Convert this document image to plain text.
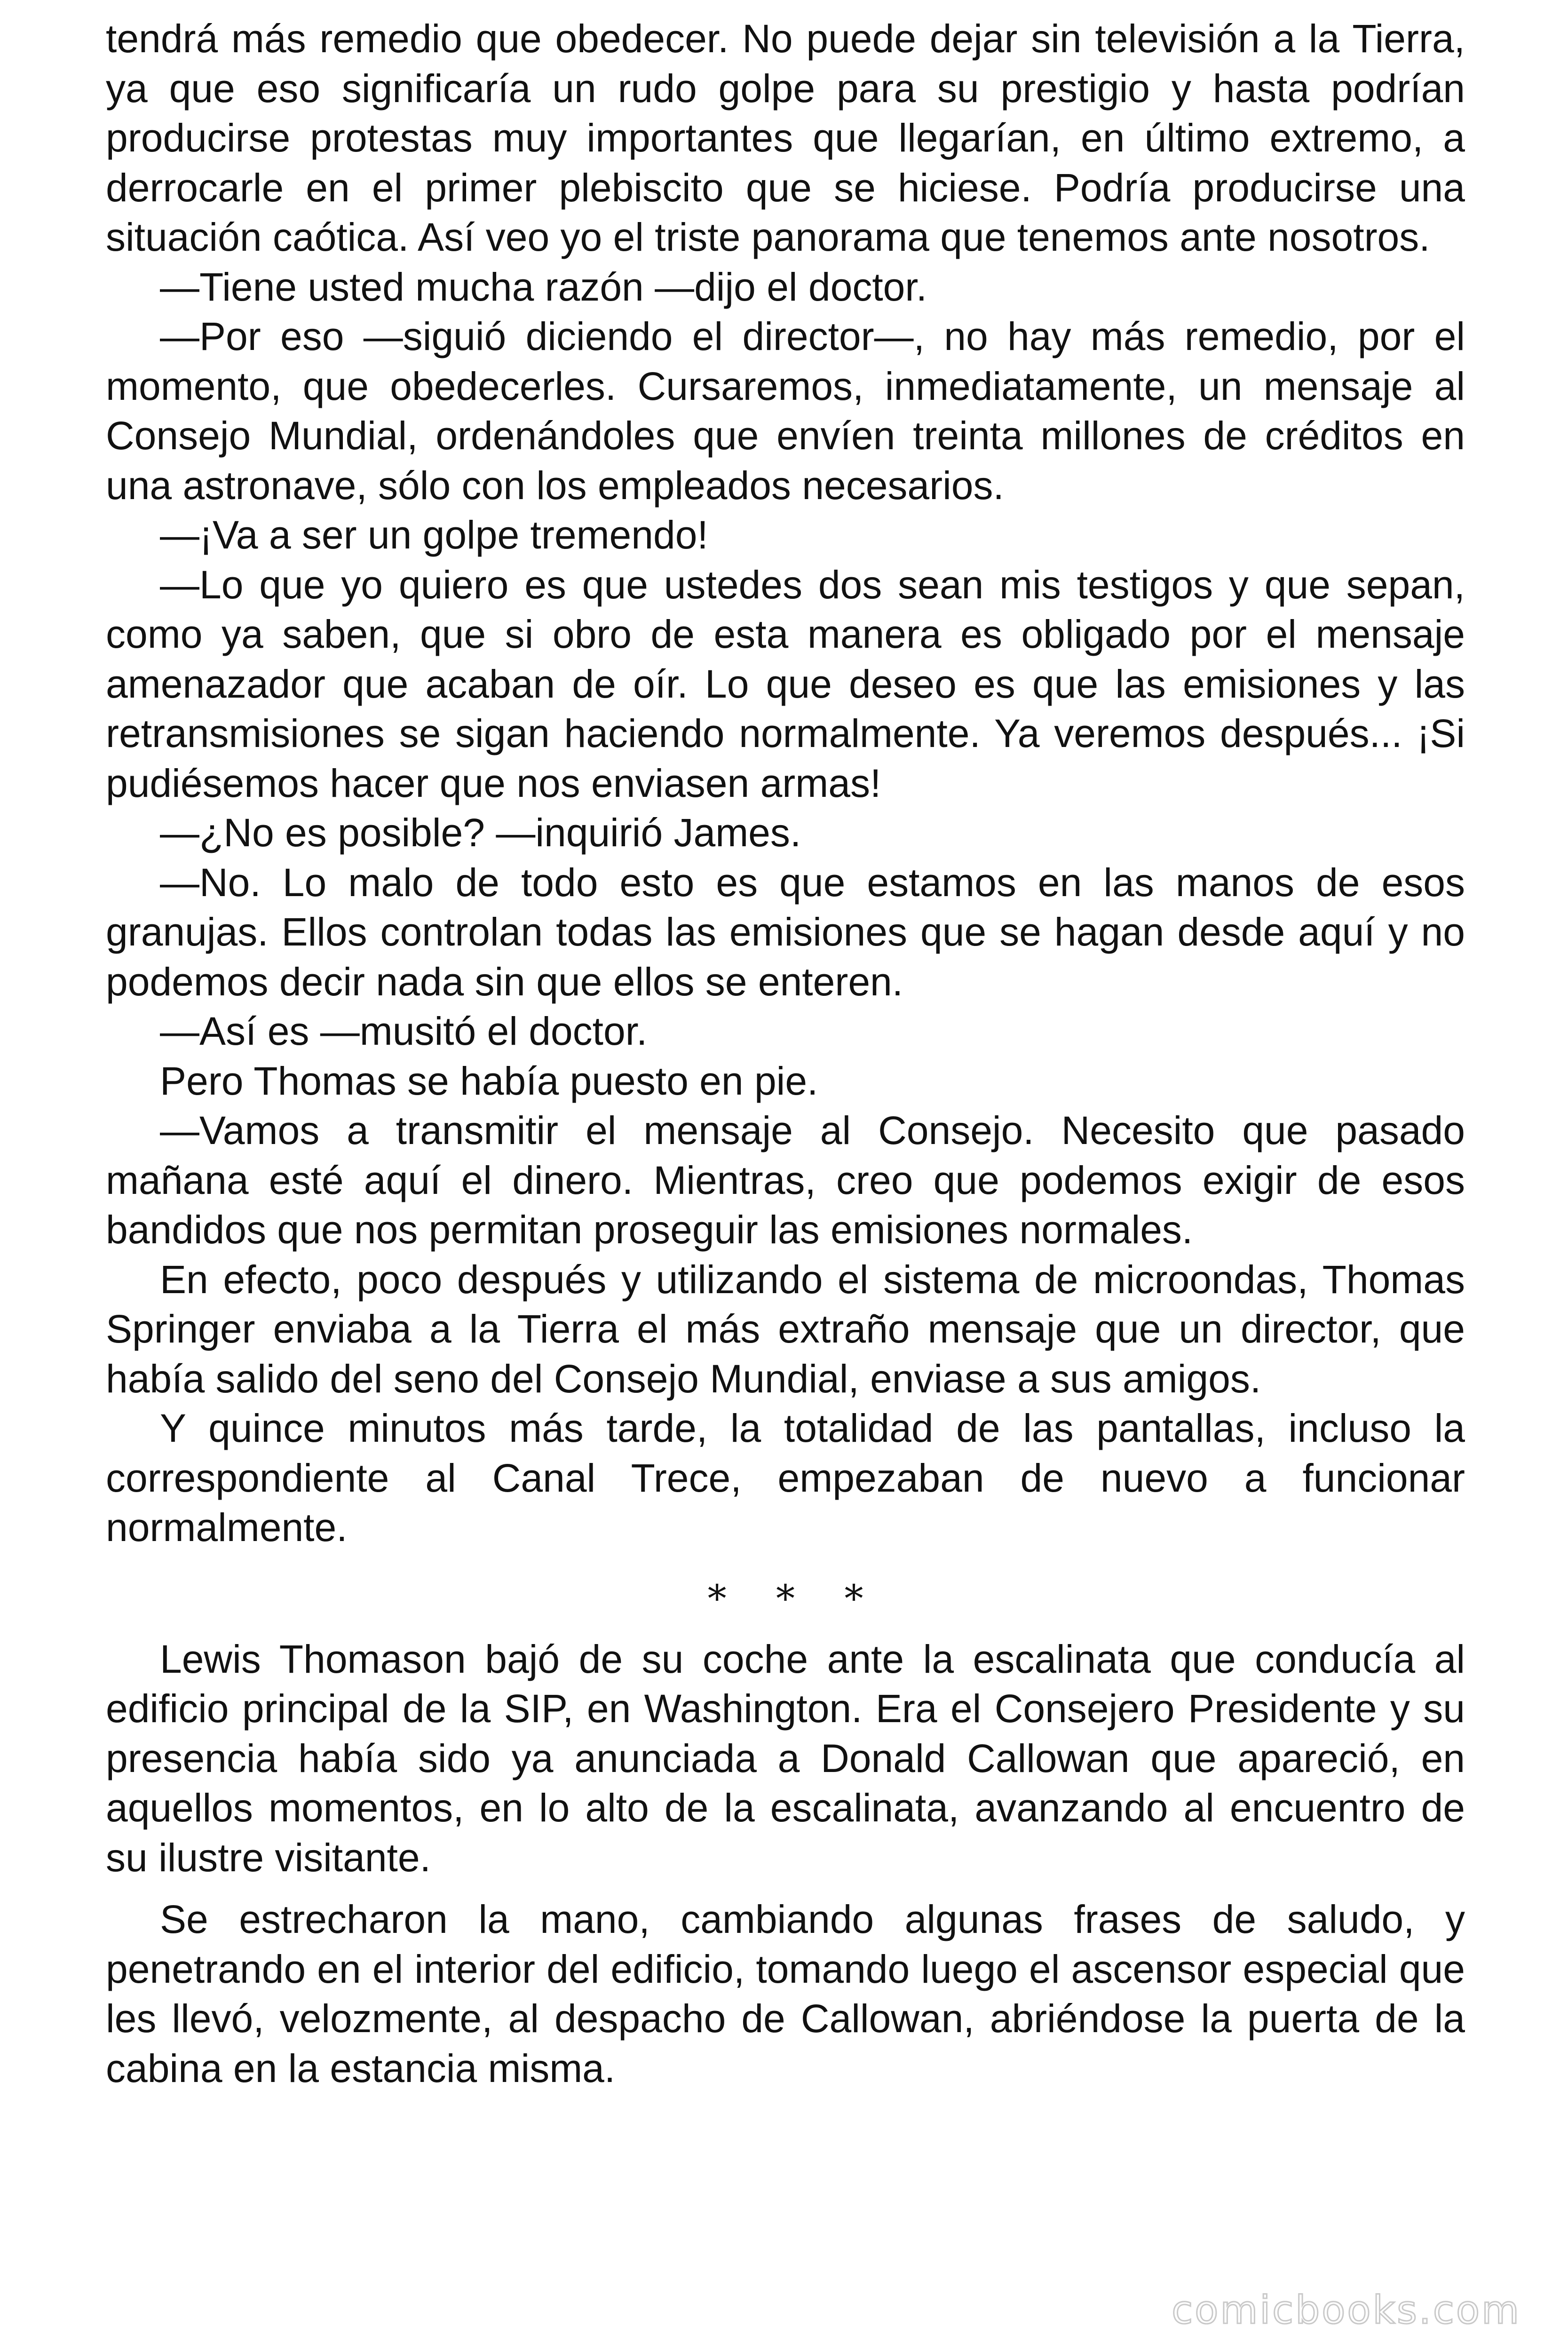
tendrá más remedio que obedecer. No puede dejar sin televisión a la Tierra, ya que eso significaría un rudo golpe para su prestigio y hasta podrían producirse protestas muy importantes que llegarían, en último extremo, a derrocarle en el primer plebiscito que se hiciese. Podría producirse una situación caótica. Así veo yo el triste panorama que tenemos ante nosotros.

—Tiene usted mucha razón —dijo el doctor.

—Por eso —siguió diciendo el director—, no hay más remedio, por el momento, que obedecerles. Cursaremos, inmediatamente, un mensaje al Consejo Mundial, ordenándoles que envíen treinta millones de créditos en una astronave, sólo con los empleados necesarios.

—¡Va a ser un golpe tremendo!

—Lo que yo quiero es que ustedes dos sean mis testigos y que sepan, como ya saben, que si obro de esta manera es obligado por el mensaje amenazador que acaban de oír. Lo que deseo es que las emisiones y las retransmisiones se sigan haciendo normalmente. Ya veremos después... ¡Si pudiésemos hacer que nos enviasen armas!

—¿No es posible? —inquirió James.

—No. Lo malo de todo esto es que estamos en las manos de esos granujas. Ellos controlan todas las emisiones que se hagan desde aquí y no podemos decir nada sin que ellos se enteren.

—Así es —musitó el doctor.

Pero Thomas se había puesto en pie.

—Vamos a transmitir el mensaje al Consejo. Necesito que pasado mañana esté aquí el dinero. Mientras, creo que podemos exigir de esos bandidos que nos permitan proseguir las emisiones normales.

En efecto, poco después y utilizando el sistema de microondas, Thomas Springer enviaba a la Tierra el más extraño mensaje que un director, que había salido del seno del Consejo Mundial, enviase a sus amigos.

Y quince minutos más tarde, la totalidad de las pantallas, incluso la correspondiente al Canal Trece, empezaban de nuevo a funcionar normalmente.

* * *

Lewis Thomason bajó de su coche ante la escalinata que conducía al edificio principal de la SIP, en Washington. Era el Consejero Presidente y su presencia había sido ya anunciada a Donald Callowan que apareció, en aquellos momentos, en lo alto de la escalinata, avanzando al encuentro de su ilustre visitante.

Se estrecharon la mano, cambiando algunas frases de saludo, y penetrando en el interior del edificio, tomando luego el ascensor especial que les llevó, velozmente, al despacho de Callowan, abriéndose la puerta de la cabina en la estancia misma.

comicbooks.com
